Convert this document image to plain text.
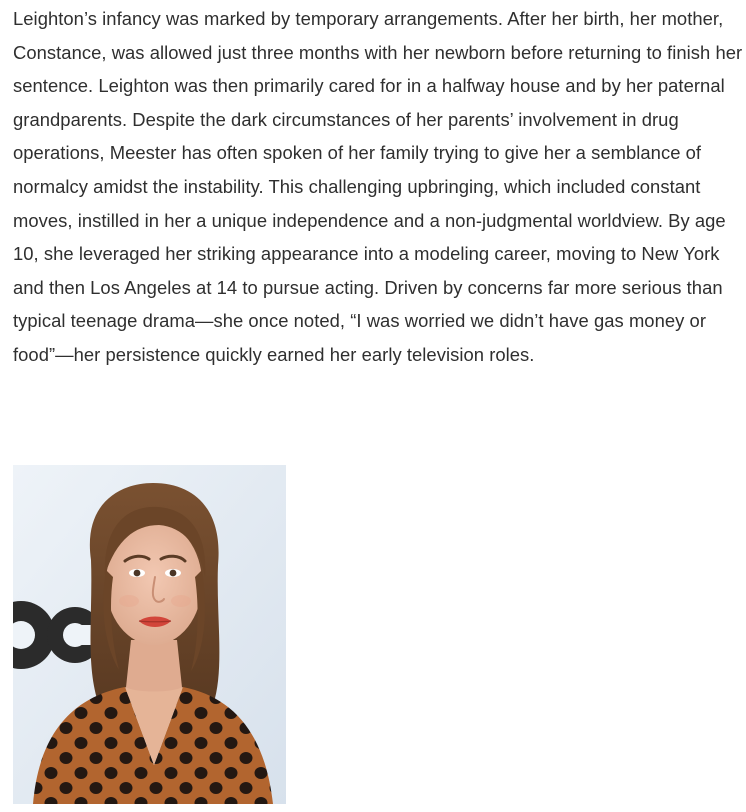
Leighton’s infancy was marked by temporary arrangements. After her birth, her mother, Constance, was allowed just three months with her newborn before returning to finish her sentence. Leighton was then primarily cared for in a halfway house and by her paternal grandparents. Despite the dark circumstances of her parents’ involvement in drug operations, Meester has often spoken of her family trying to give her a semblance of normalcy amidst the instability. This challenging upbringing, which included constant moves, instilled in her a unique independence and a non-judgmental worldview. By age 10, she leveraged her striking appearance into a modeling career, moving to New York and then Los Angeles at 14 to pursue acting. Driven by concerns far more serious than typical teenage drama—she once noted, “I was worried we didn’t have gas money or food”—her persistence quickly earned her early television roles.
